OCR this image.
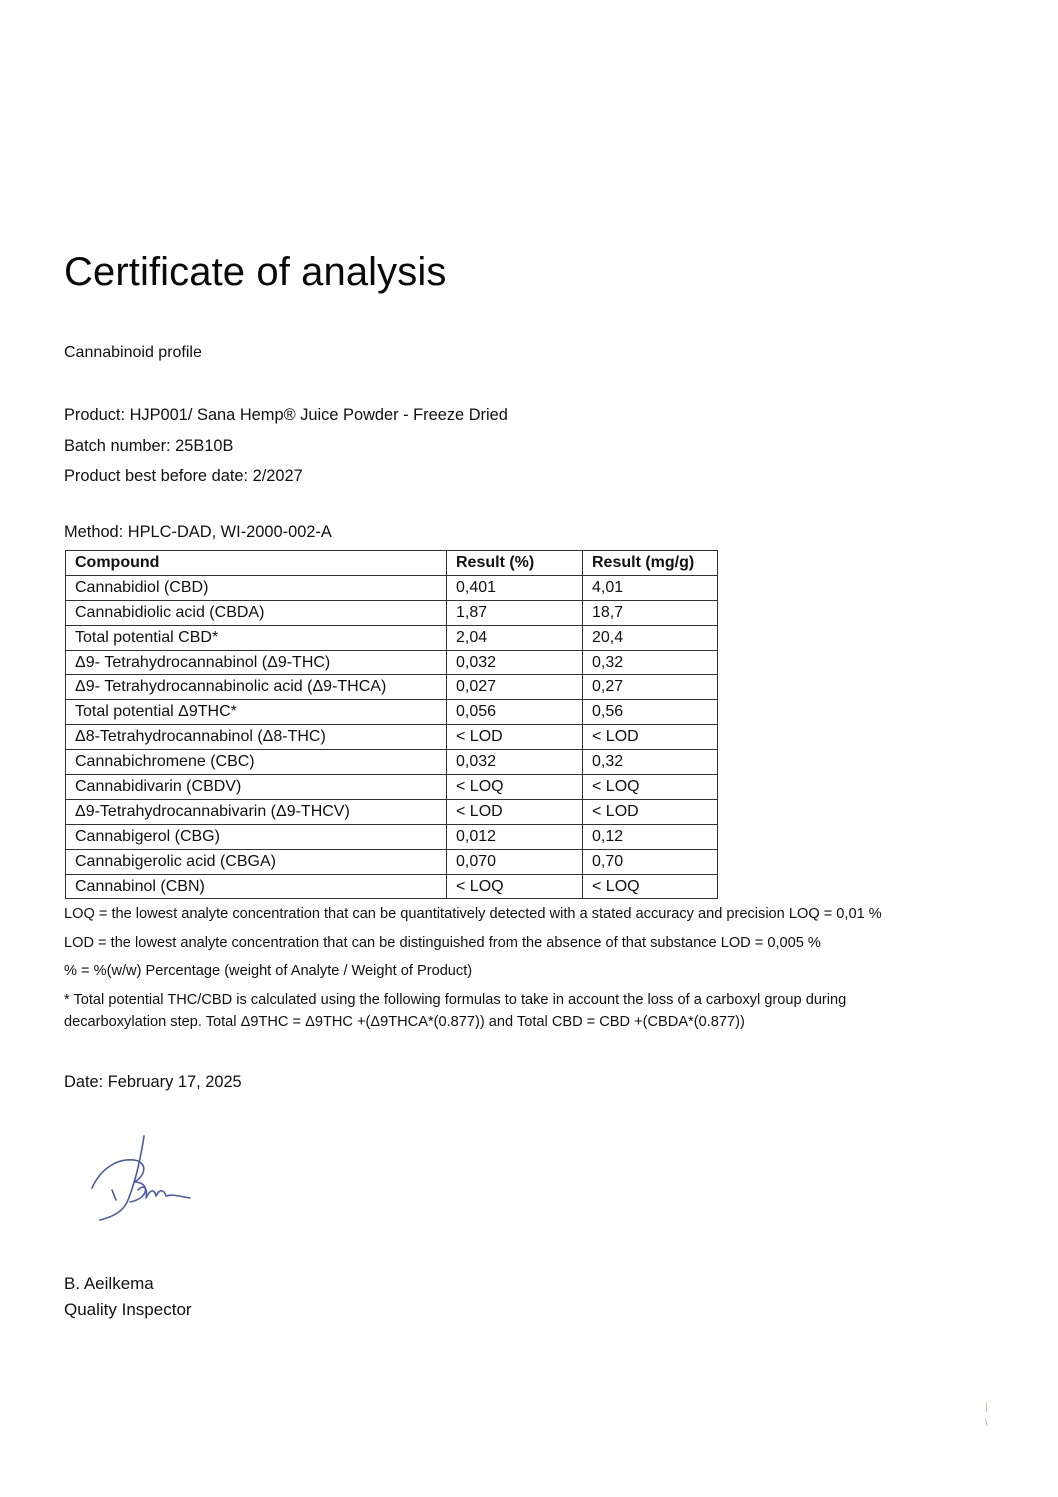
Certificate of analysis
Cannabinoid profile
Product: HJP001/ Sana Hemp® Juice Powder - Freeze Dried
Batch number: 25B10B
Product best before date: 2/2027
Method: HPLC-DAD, WI-2000-002-A
Compound	Result (%)	Result (mg/g)
Cannabidiol (CBD)	0,401	4,01
Cannabidiolic acid (CBDA)	1,87	18,7
Total potential CBD*	2,04	20,4
Δ9- Tetrahydrocannabinol (Δ9-THC)	0,032	0,32
Δ9- Tetrahydrocannabinolic acid (Δ9-THCA)	0,027	0,27
Total potential Δ9THC*	0,056	0,56
Δ8-Tetrahydrocannabinol (Δ8-THC)	< LOD	< LOD
Cannabichromene (CBC)	0,032	0,32
Cannabidivarin (CBDV)	< LOQ	< LOQ
Δ9-Tetrahydrocannabivarin (Δ9-THCV)	< LOD	< LOD
Cannabigerol (CBG)	0,012	0,12
Cannabigerolic acid (CBGA)	0,070	0,70
Cannabinol (CBN)	< LOQ	< LOQ
LOQ = the lowest analyte concentration that can be quantitatively detected with a stated accuracy and precision LOQ = 0,01 %
LOD = the lowest analyte concentration that can be distinguished from the absence of that substance LOD = 0,005 %
% = %(w/w) Percentage (weight of Analyte / Weight of Product)
* Total potential THC/CBD is calculated using the following formulas to take in account the loss of a carboxyl group during
decarboxylation step. Total Δ9THC = Δ9THC +(Δ9THCA*(0.877)) and Total CBD = CBD +(CBDA*(0.877))
Date: February 17, 2025
B. Aeilkema
Quality Inspector
|
\
